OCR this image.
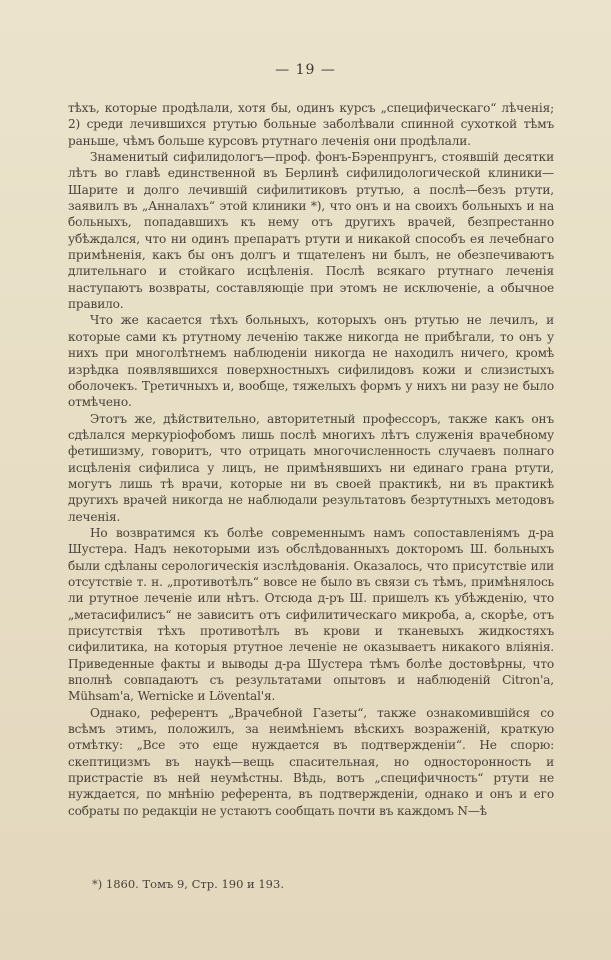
— 19 —

тѣхъ, которые продѣлали, хотя бы, одинъ курсъ „специфическаго“ лѣченія; 2) среди лечившихся ртутью больные заболѣвали спинной сухоткой тѣмъ раньше, чѣмъ больше курсовъ ртутнаго леченія они продѣлали.

Знаменитый сифилидологъ—проф. фонъ-Бэренпрунгъ, стоявшій десятки лѣтъ во главѣ единственной въ Берлинѣ сифилидологической клиники—Шарите и долго лечившій сифилитиковъ ртутью, а послѣ—безъ ртути, заявилъ въ „Анналахъ“ этой клиники *), что онъ и на своихъ больныхъ и на больныхъ, попадавшихъ къ нему отъ другихъ врачей, безпрестанно убѣждался, что ни одинъ препаратъ ртути и никакой способъ ея лечебнаго примѣненія, какъ бы онъ долгъ и тщателенъ ни былъ, не обезпечиваютъ длительнаго и стойкаго исцѣленія. Послѣ всякаго ртутнаго леченія наступаютъ возвраты, составляющіе при этомъ не исключеніе, а обычное правило.

Что же касается тѣхъ больныхъ, которыхъ онъ ртутью не лечилъ, и которые сами къ ртутному леченію также никогда не прибѣгали, то онъ у нихъ при многолѣтнемъ наблюденіи никогда не находилъ ничего, кромѣ изрѣдка появлявшихся поверхностныхъ сифилидовъ кожи и слизистыхъ оболочекъ. Третичныхъ и, вообще, тяжелыхъ формъ у нихъ ни разу не было отмѣчено.

Этотъ же, дѣйствительно, авторитетный профессоръ, также какъ онъ сдѣлался меркуріофобомъ лишь послѣ многихъ лѣтъ служенія врачебному фетишизму, говоритъ, что отрицать многочисленность случаевъ полнаго исцѣленія сифилиса у лицъ, не примѣнявшихъ ни единаго грана ртути, могутъ лишь тѣ врачи, которые ни въ своей практикѣ, ни въ практикѣ другихъ врачей никогда не наблюдали результатовъ безртутныхъ методовъ леченія.

Но возвратимся къ болѣе современнымъ намъ сопоставленіямъ д-ра Шустера. Надъ некоторыми изъ обслѣдованныхъ докторомъ Ш. больныхъ были сдѣланы серологическія изслѣдованія. Оказалось, что присутствіе или отсутствіе т. н. „противотѣлъ“ вовсе не было въ связи съ тѣмъ, примѣнялось ли ртутное леченіе или нѣтъ. Отсюда д-ръ Ш. пришелъ къ убѣжденію, что „метасифилисъ“ не зависитъ отъ сифилитическаго микроба, а, скорѣе, отъ присутствія тѣхъ противотѣлъ въ крови и тканевыхъ жидкостяхъ сифилитика, на которыя ртутное леченіе не оказываетъ никакого вліянія. Приведенные факты и выводы д-ра Шустера тѣмъ болѣе достовѣрны, что вполнѣ совпадаютъ съ результатами опытовъ и наблюденій Citron'a, Mühsam'a, Wernicke и Lövental'я.

Однако, референтъ „Врачебной Газеты“, также ознакомившійся со всѣмъ этимъ, положилъ, за неимѣніемъ вѣскихъ возраженій, краткую отмѣтку: „Все это еще нуждается въ подтвержденіи“. Не спорю: скептицизмъ въ наукѣ—вещь спасительная, но односторонность и пристрастіе въ ней неумѣстны. Вѣдь, вотъ „специфичность“ ртути не нуждается, по мнѣнію референта, въ подтвержденіи, однако и онъ и его собраты по редакціи не устаютъ сообщать почти въ каждомъ N—ѣ

*) 1860. Томъ 9, Стр. 190 и 193.
